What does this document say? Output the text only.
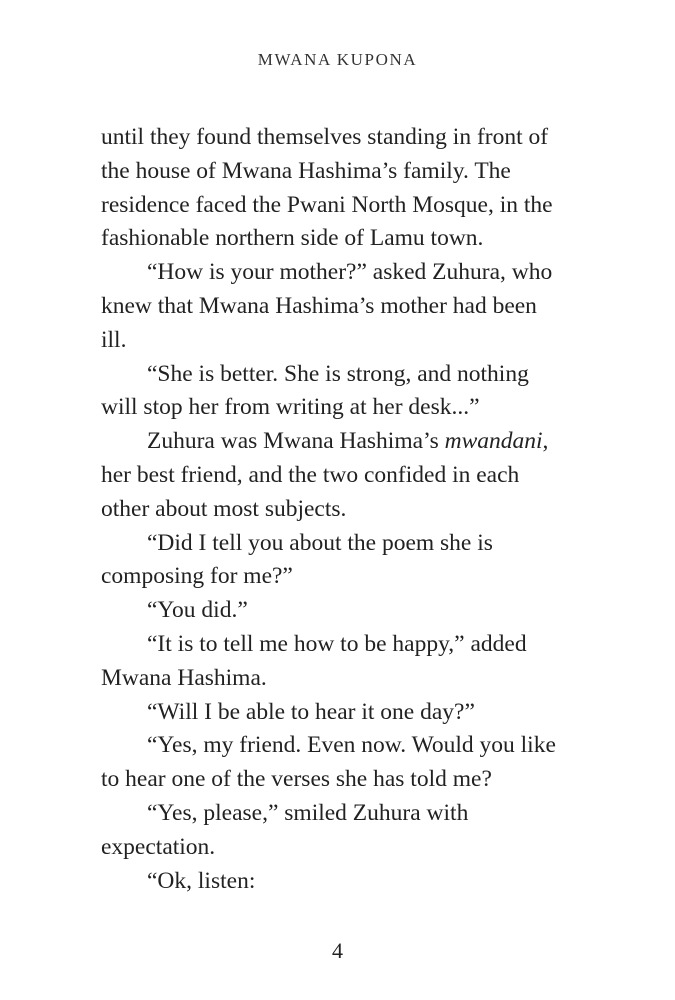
MWANA KUPONA
until they found themselves standing in front of
the house of Mwana Hashima’s family. The
residence faced the Pwani North Mosque, in the
fashionable northern side of Lamu town.
“How is your mother?” asked Zuhura, who
knew that Mwana Hashima’s mother had been
ill.
“She is better. She is strong, and nothing
will stop her from writing at her desk...”
Zuhura was Mwana Hashima’s mwandani,
her best friend, and the two confided in each
other about most subjects.
“Did I tell you about the poem she is
composing for me?”
“You did.”
“It is to tell me how to be happy,” added
Mwana Hashima.
“Will I be able to hear it one day?”
“Yes, my friend. Even now. Would you like
to hear one of the verses she has told me?
“Yes, please,” smiled Zuhura with
expectation.
“Ok, listen:
4
